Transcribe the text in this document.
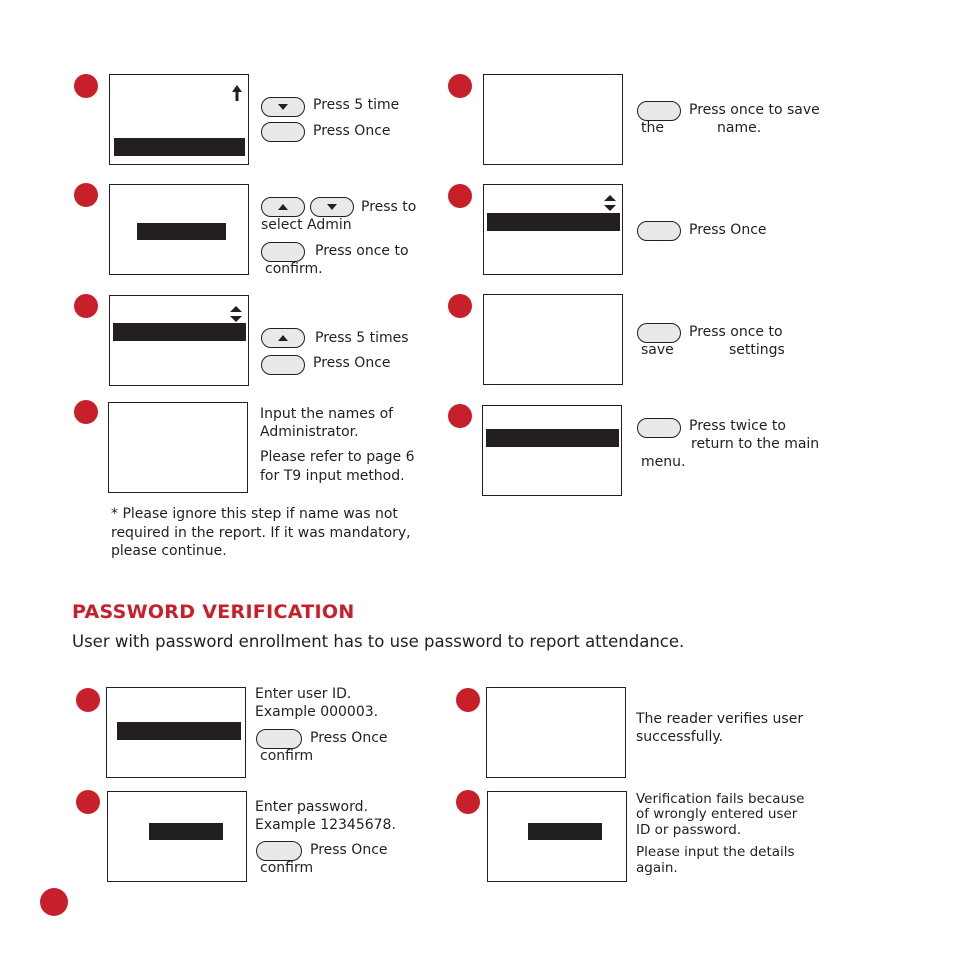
Press 5 time
Press Once
Press to
select Admin
Press once to
confirm.
Press 5 times
Press Once
Input the names of
Administrator.
Please refer to page 6
for T9 input method.
* Please ignore this step if name was not
required in the report. If it was mandatory,
please continue.
Press once to save
the	name.
Press Once
Press once to
save	settings
Press twice to
return to the main
menu.
PASSWORD VERIFICATION
User with password enrollment has to use password to report attendance.
Enter user ID.
Example 000003.
Press Once
confirm
Enter password.
Example 12345678.
Press Once
confirm
The reader verifies user
successfully.
Verification fails because
of wrongly entered user
ID or password.
Please input the details
again.
